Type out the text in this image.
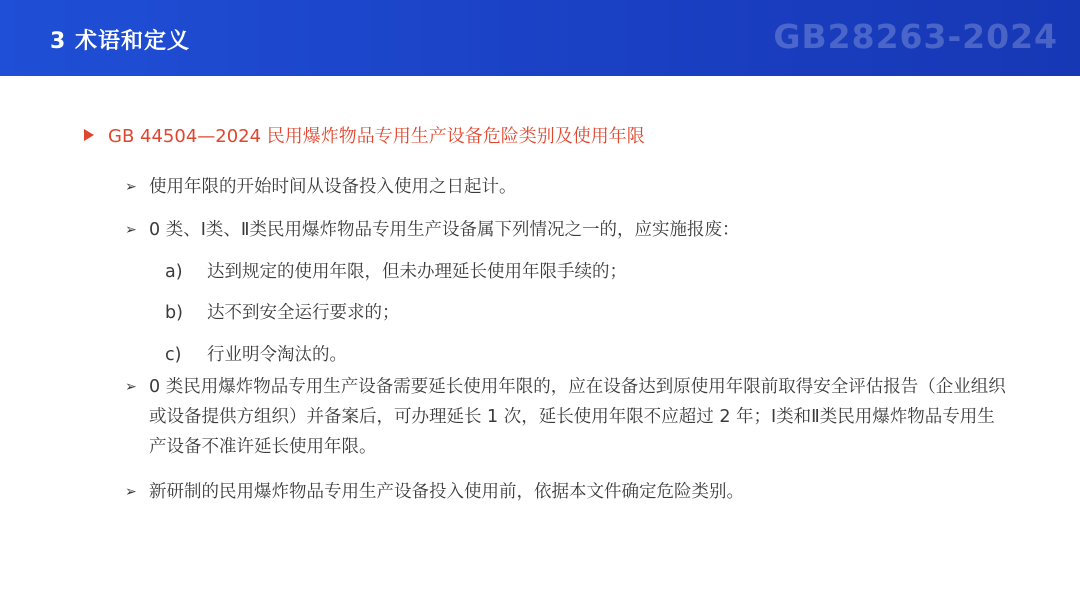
3 术语和定义	GB28263-2024
GB 44504—2024 民用爆炸物品专用生产设备危险类别及使用年限
➢ 使用年限的开始时间从设备投入使用之日起计。
➢ 0 类、Ⅰ类、Ⅱ类民用爆炸物品专用生产设备属下列情况之一的，应实施报废：
a) 达到规定的使用年限，但未办理延长使用年限手续的；
b) 达不到安全运行要求的；
c) 行业明令淘汰的。
➢ 0 类民用爆炸物品专用生产设备需要延长使用年限的，应在设备达到原使用年限前取得安全评估报告（企业组织或设备提供方组织）并备案后，可办理延长 1 次，延长使用年限不应超过 2 年；Ⅰ类和Ⅱ类民用爆炸物品专用生产设备不准许延长使用年限。
➢ 新研制的民用爆炸物品专用生产设备投入使用前，依据本文件确定危险类别。
